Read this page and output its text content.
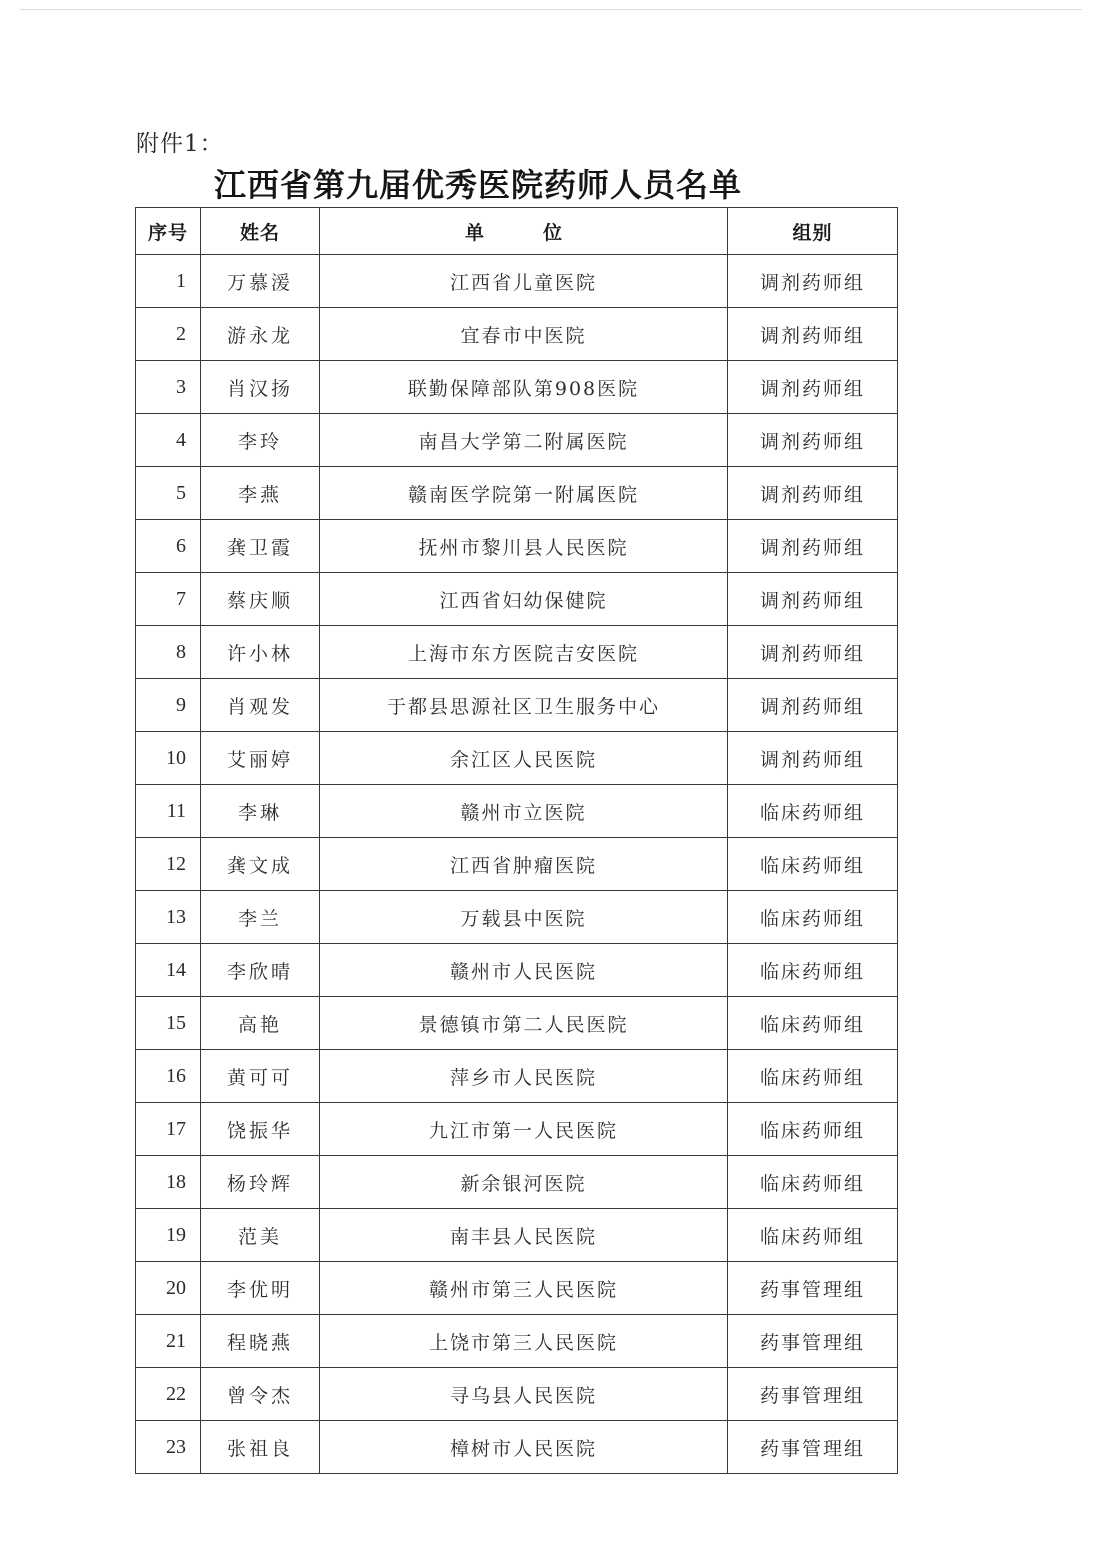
附件1：
江西省第九届优秀医院药师人员名单
序号	姓名	单　位	组别
1	万慕湲	江西省儿童医院	调剂药师组
2	游永龙	宜春市中医院	调剂药师组
3	肖汉扬	联勤保障部队第908医院	调剂药师组
4	李玲	南昌大学第二附属医院	调剂药师组
5	李燕	赣南医学院第一附属医院	调剂药师组
6	龚卫霞	抚州市黎川县人民医院	调剂药师组
7	蔡庆顺	江西省妇幼保健院	调剂药师组
8	许小林	上海市东方医院吉安医院	调剂药师组
9	肖观发	于都县思源社区卫生服务中心	调剂药师组
10	艾丽婷	余江区人民医院	调剂药师组
11	李琳	赣州市立医院	临床药师组
12	龚文成	江西省肿瘤医院	临床药师组
13	李兰	万载县中医院	临床药师组
14	李欣晴	赣州市人民医院	临床药师组
15	高艳	景德镇市第二人民医院	临床药师组
16	黄可可	萍乡市人民医院	临床药师组
17	饶振华	九江市第一人民医院	临床药师组
18	杨玲辉	新余银河医院	临床药师组
19	范美	南丰县人民医院	临床药师组
20	李优明	赣州市第三人民医院	药事管理组
21	程晓燕	上饶市第三人民医院	药事管理组
22	曾令杰	寻乌县人民医院	药事管理组
23	张祖良	樟树市人民医院	药事管理组
